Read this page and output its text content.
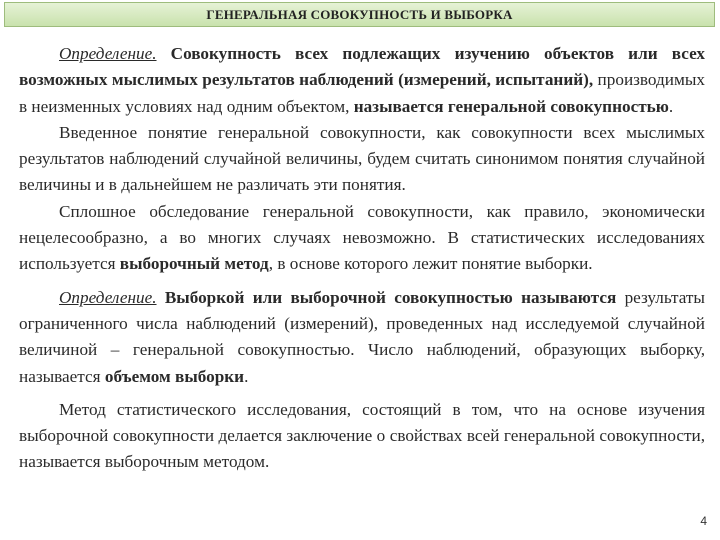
ГЕНЕРАЛЬНАЯ СОВОКУПНОСТЬ И ВЫБОРКА

Определение. Совокупность всех подлежащих изучению объектов или всех возможных мыслимых результатов наблюдений (измерений, испытаний), производимых в неизменных условиях над одним объектом, называется генеральной совокупностью.

Введенное понятие генеральной совокупности, как совокупности всех мыслимых результатов наблюдений случайной величины, будем считать синонимом понятия случайной величины и в дальнейшем не различать эти понятия.

Сплошное обследование генеральной совокупности, как правило, экономически нецелесообразно, а во многих случаях невозможно. В статистических исследованиях используется выборочный метод, в основе которого лежит понятие выборки.

Определение. Выборкой или выборочной совокупностью называются результаты ограниченного числа наблюдений (измерений), проведенных над исследуемой случайной величиной – генеральной совокупностью. Число наблюдений, образующих выборку, называется объемом выборки.

Метод статистического исследования, состоящий в том, что на основе изучения выборочной совокупности делается заключение о свойствах всей генеральной совокупности, называется выборочным методом.

4
